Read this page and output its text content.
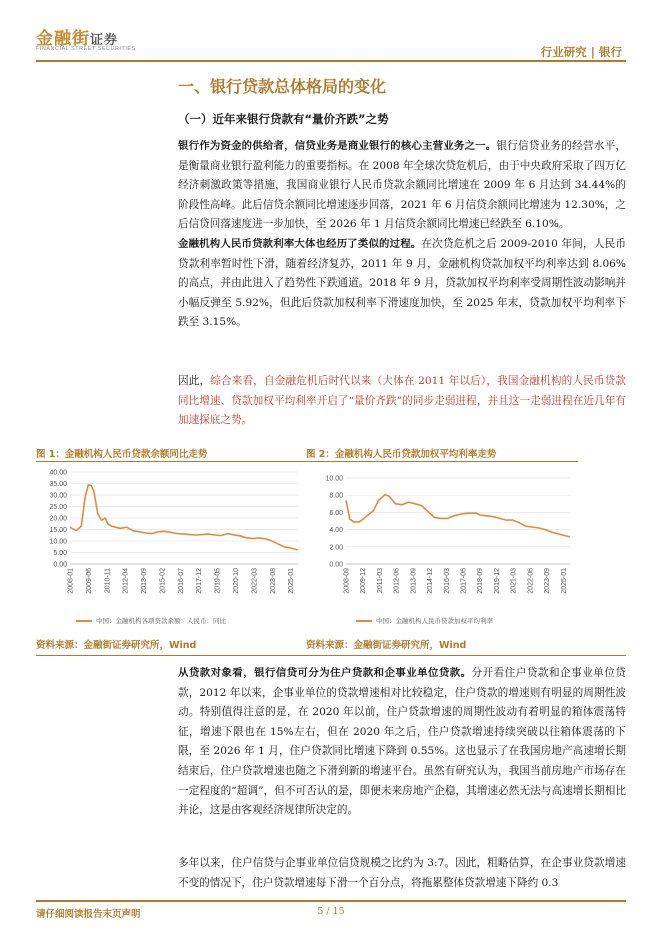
金融街证券
FINANCIAL STREET SECURITIES	行业研究 | 银行
一、银行贷款总体格局的变化
（一）近年来银行贷款有“量价齐跌”之势
银行作为资金的供给者，信贷业务是商业银行的核心主营业务之一。银行信贷业务的经营水平，是衡量商业银行盈利能力的重要指标。在 2008 年全球次贷危机后，由于中央政府采取了四万亿经济刺激政策等措施，我国商业银行人民币贷款余额同比增速在 2009 年 6 月达到 34.44%的阶段性高峰。此后信贷余额同比增速逐步回落，2021 年 6 月信贷余额同比增速为 12.30%，之后信贷回落速度进一步加快，至 2026 年 1 月信贷余额同比增速已经跌至 6.10%。
金融机构人民币贷款利率大体也经历了类似的过程。在次贷危机之后 2009-2010 年间，人民币贷款利率暂时性下滑，随着经济复苏，2011 年 9 月，金融机构贷款加权平均利率达到 8.06%的高点，并由此进入了趋势性下跌通道。2018 年 9 月，贷款加权平均利率受周期性波动影响并小幅反弹至 5.92%，但此后贷款加权利率下滑速度加快，至 2025 年末，贷款加权平均利率下跌至 3.15%。
因此，综合来看，自金融危机后时代以来（大体在 2011 年以后），我国金融机构的人民币贷款同比增速、贷款加权平均利率开启了“量价齐跌”的同步走弱进程，并且这一走弱进程在近几年有加速探底之势。
图 1：金融机构人民币贷款余额同比走势
40.00
35.00
30.00
25.00
20.00
15.00
10.00
5.00
0.00
2008-01 2009-06 2010-11 2012-04 2013-09 2015-02 2016-07 2017-12 2019-05 2020-10 2022-03 2023-08 2025-01
中国：金融机构各项贷款余额：人民币：同比
资料来源：金融街证券研究所，Wind
图 2：金融机构人民币贷款加权平均利率走势
10.00
8.00
6.00
4.00
2.00
0.00
2008-09 2009-12 2011-03 2012-06 2013-09 2014-12 2016-03 2017-06 2018-09 2019-12 2021-03 2022-06 2023-09 2025-01
中国：金融机构人民币贷款加权平均利率
资料来源：金融街证券研究所，Wind
从贷款对象看，银行信贷可分为住户贷款和企事业单位贷款。分开看住户贷款和企事业单位贷款，2012 年以来，企事业单位的贷款增速相对比较稳定，住户贷款的增速则有明显的周期性波动。特别值得注意的是，在 2020 年以前，住户贷款增速的周期性波动有着明显的箱体震荡特征，增速下限也在 15%左右，但在 2020 年之后，住户贷款增速持续突破以往箱体震荡的下限，至 2026 年 1 月，住户贷款同比增速下降到 0.55%。这也显示了在我国房地产高速增长期结束后，住户贷款增速也随之下滑到新的增速平台。虽然有研究认为，我国当前房地产市场存在一定程度的“超调”，但不可否认的是，即便未来房地产企稳，其增速必然无法与高速增长期相比并论，这是由客观经济规律所决定的。
多年以来，住户信贷与企事业单位信贷规模之比约为 3:7。因此，粗略估算，在企事业贷款增速不变的情况下，住户贷款增速每下滑一个百分点，将拖累整体贷款增速下降约 0.3
请仔细阅读报告末页声明	5 / 15
